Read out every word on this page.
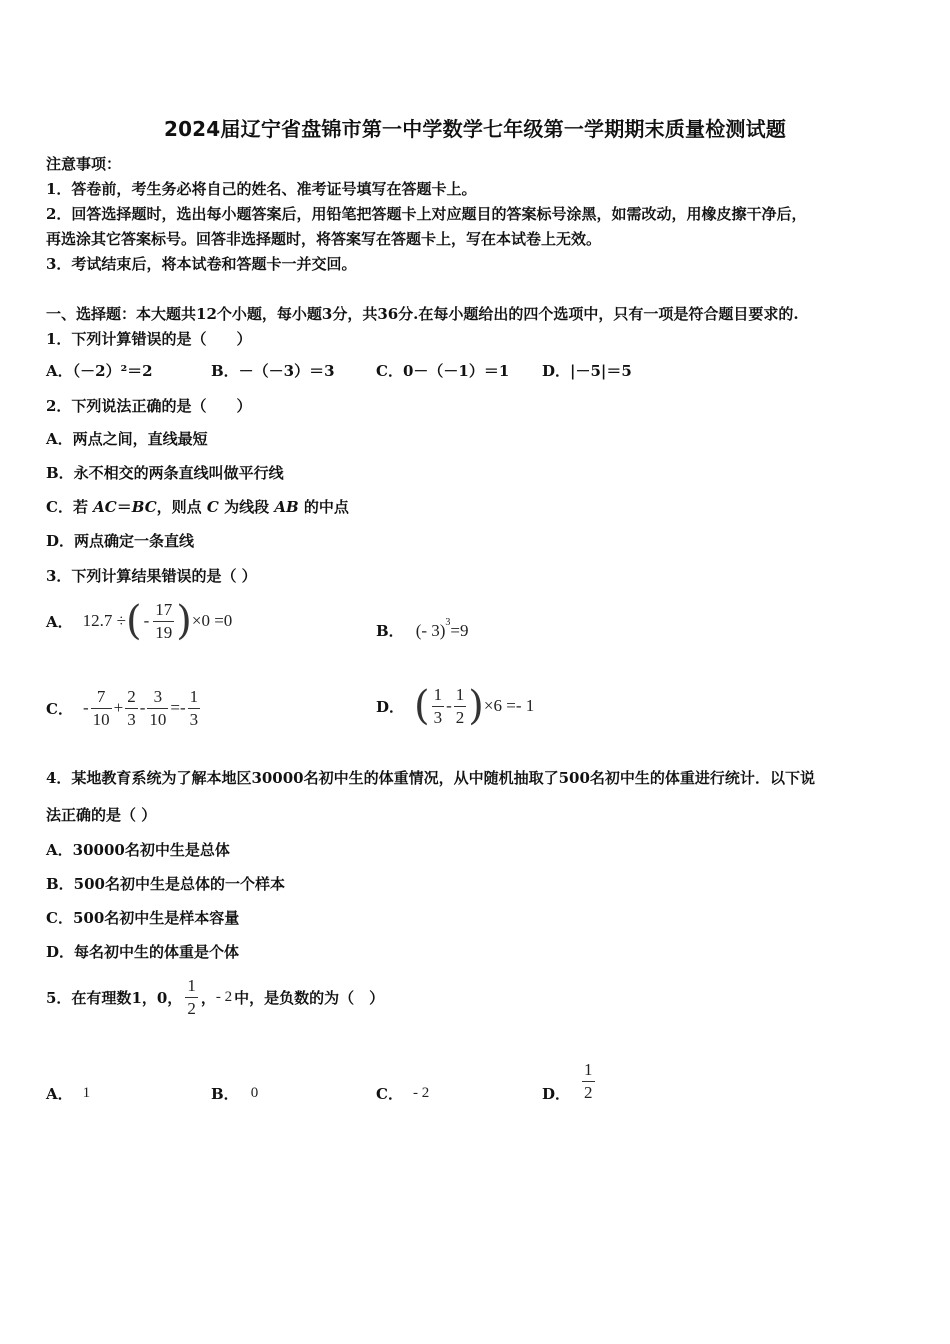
2024届辽宁省盘锦市第一中学数学七年级第一学期期末质量检测试题
注意事项：
1．答卷前，考生务必将自己的姓名、准考证号填写在答题卡上。
2．回答选择题时，选出每小题答案后，用铅笔把答题卡上对应题目的答案标号涂黑，如需改动，用橡皮擦干净后，
再选涂其它答案标号。回答非选择题时，将答案写在答题卡上，写在本试卷上无效。
3．考试结束后，将本试卷和答题卡一并交回。
一、选择题：本大题共12个小题，每小题3分，共36分.在每小题给出的四个选项中，只有一项是符合题目要求的.
1．下列计算错误的是（　　）
A．（－2）²＝2	B．－（－3）＝3	C．0－（－1）＝1 D．|－5|＝5
2．下列说法正确的是（　　）
A．两点之间，直线最短
B．永不相交的两条直线叫做平行线
C．若 AC＝BC，则点 C 为线段 AB 的中点
D．两点确定一条直线
3．下列计算结果错误的是（ ）
A． 12.7 ÷ ( - $\frac{17}{19}$ ) ×0 =0
B． (- 3)$^3$ =9
C． - $\frac{7}{10} + \frac{2}{3} - \frac{3}{10} =- \frac{1}{3}$	D． ( $\frac{1}{3} - \frac{1}{2}$ ) ×6 =- 1
4．某地教育系统为了解本地区30000名初中生的体重情况，从中随机抽取了500名初中生的体重进行统计．以下说
法正确的是（ ）
A．30000名初中生是总体
B．500名初中生是总体的一个样本
C．500名初中生是样本容量
D．每名初中生的体重是个体
5．在有理数1，0， $\frac{1}{2}$ ， - 2 中，是负数的为（　）
A． 1	B． 0	C． - 2	D． $\frac{1}{2}$
